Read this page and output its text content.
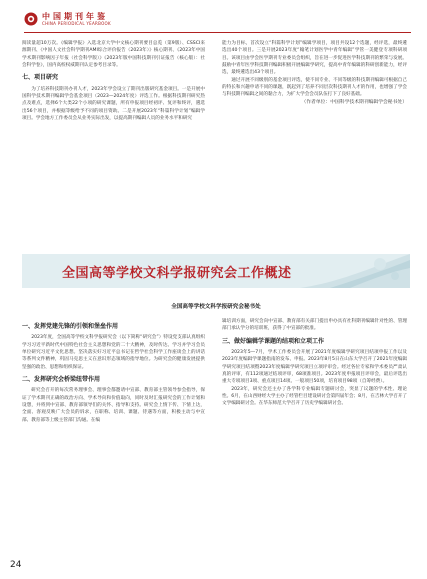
中国期刊年鉴
CHINA PERIODICAL YEARBOOK

阅读量超10万次。《编辑学报》入选北京大学中文核心期刊要目总览（第9版）、CSSCI来源期刊、《中国人文社会科学期刊AMI综合评价报告（2023年）》核心期刊、《2023年中国学术期刊影响因子年报（社会科学版）》《2023年版中国科技期刊引证报告（核心版）：社会科学卷》，国内高校权威期刊认定参考目录等。

七、项目研究

为了培养科技期刊办刊人才，2023年学会设立了期刊出版研究基金项目。一是开展中国科学技术期刊编辑学会基金项目（2023—2024年度）评选工作。根据科技期刊研究热点及难点，选择6个大类22个小项的研究课题，所有申报项目经初评、复评和终评，遴选出56个项目，并根据等级给予不同的项目资助。二是开展2023年“科篇科学计划”编辑学项目。学会地方工作委员会从业务实际出发，以提高期刊编辑人员的业务水平和研究

能力为目标，首次设立“科篇科学计划”编辑学项目，项目共设12个选题，经评选，最终遴选出40个项目。三是开展2023年度“翰笔计划医学中青年编辑”学管一美健登专项科研项目。该项目由学会医学期刊专业委员会组织，旨在进一步促进医学科技期刊的繁荣与发展。鼓励中青年医学科技期刊编辑积极开展编辑学研究，提高中青年编辑的科研创新能力，经评选，最终遴选出43个项目。

通过开展不同级别的基金项目评选，使不同专业、不同等级的科技期刊编辑可根据自己的特长和兴趣申请不同的课题，既起到了培养不同层次科技期刊人才的作用，也增强了学会与科技期刊编辑之间的黏合力，为扩大学会会员队伍打下了良好基础。

（作者单位：中国科学技术期刊编辑学会秘书处）

全国高等学校文科学报研究会工作概述
全国高等学校文科学报研究会秘书处
一、发挥党建先锋的引领和堡垒作用

2023年度，全国高等学校文科学报研究会（以下简称“研究会”）特设党支部认真组织学习习近平新时代中国特色社会主义思想和党的二十大精神，及时传达、学习并学习会员单位研究习近平文化思想。坚决落实好习近平总书记在哲学社会科学工作座谈会上的讲话等系列文件精神，巩固马克思主义在意识形态领域的指导地位。为研究会的健康发展提供坚强的政治、思想和组织保证。

二、发挥研究会桥梁纽带作用

研究会召开的每次常务理事会、理事会都邀请中宣部、教育部主管领导参会指导，保证了学术期刊正确的政治方向、学术导向和价值取向，同时及时汇报研究会的工作计划和设想，并将到中宣部、教育部领导们的关怀、指导和支持。研究会上情下传、下情上达，全面、客观反映广大会员的诉求，在职称、培训、课题、待遇等方面，积极主动与中宣部、教育部等上级主管部门沟通。在编

辑培训方面，研究会向中宣部、教育部有关部门提出申办具有社科期刊编辑针对性的、管理部门承认学分的培训班，获得了中宣部的批准。

三、做好编辑学课题的结项和立项工作

2023年5—7月，学术工作委员会开展了2021年度编辑学研究项目结项申报工作以及2023年度编辑学课题指南的发布、申报。2023年8月5日在山东大学召开了2021年度编辑学研究项目结项暨2023年度编辑学研究项目立项评审会。经过各位专家和学术委员严肃认真的评审，有112项通过结项评审，68项准项目。2023年度申报项目评审会，最后评选出重大专项项目3项、重点项目14项、一般项目50项，培育项目98项（自筹经费）。

2023年，研究会还主办了各学科专业编辑专题研讨会，突显了议题的学术性、理论性。6月，在山西财经大学主办了经管栏目建设研讨会第四届年会；8月，在吉林大学召开了文学编辑研讨会。在华东师范大学召开了历史学编辑研讨会。

24
